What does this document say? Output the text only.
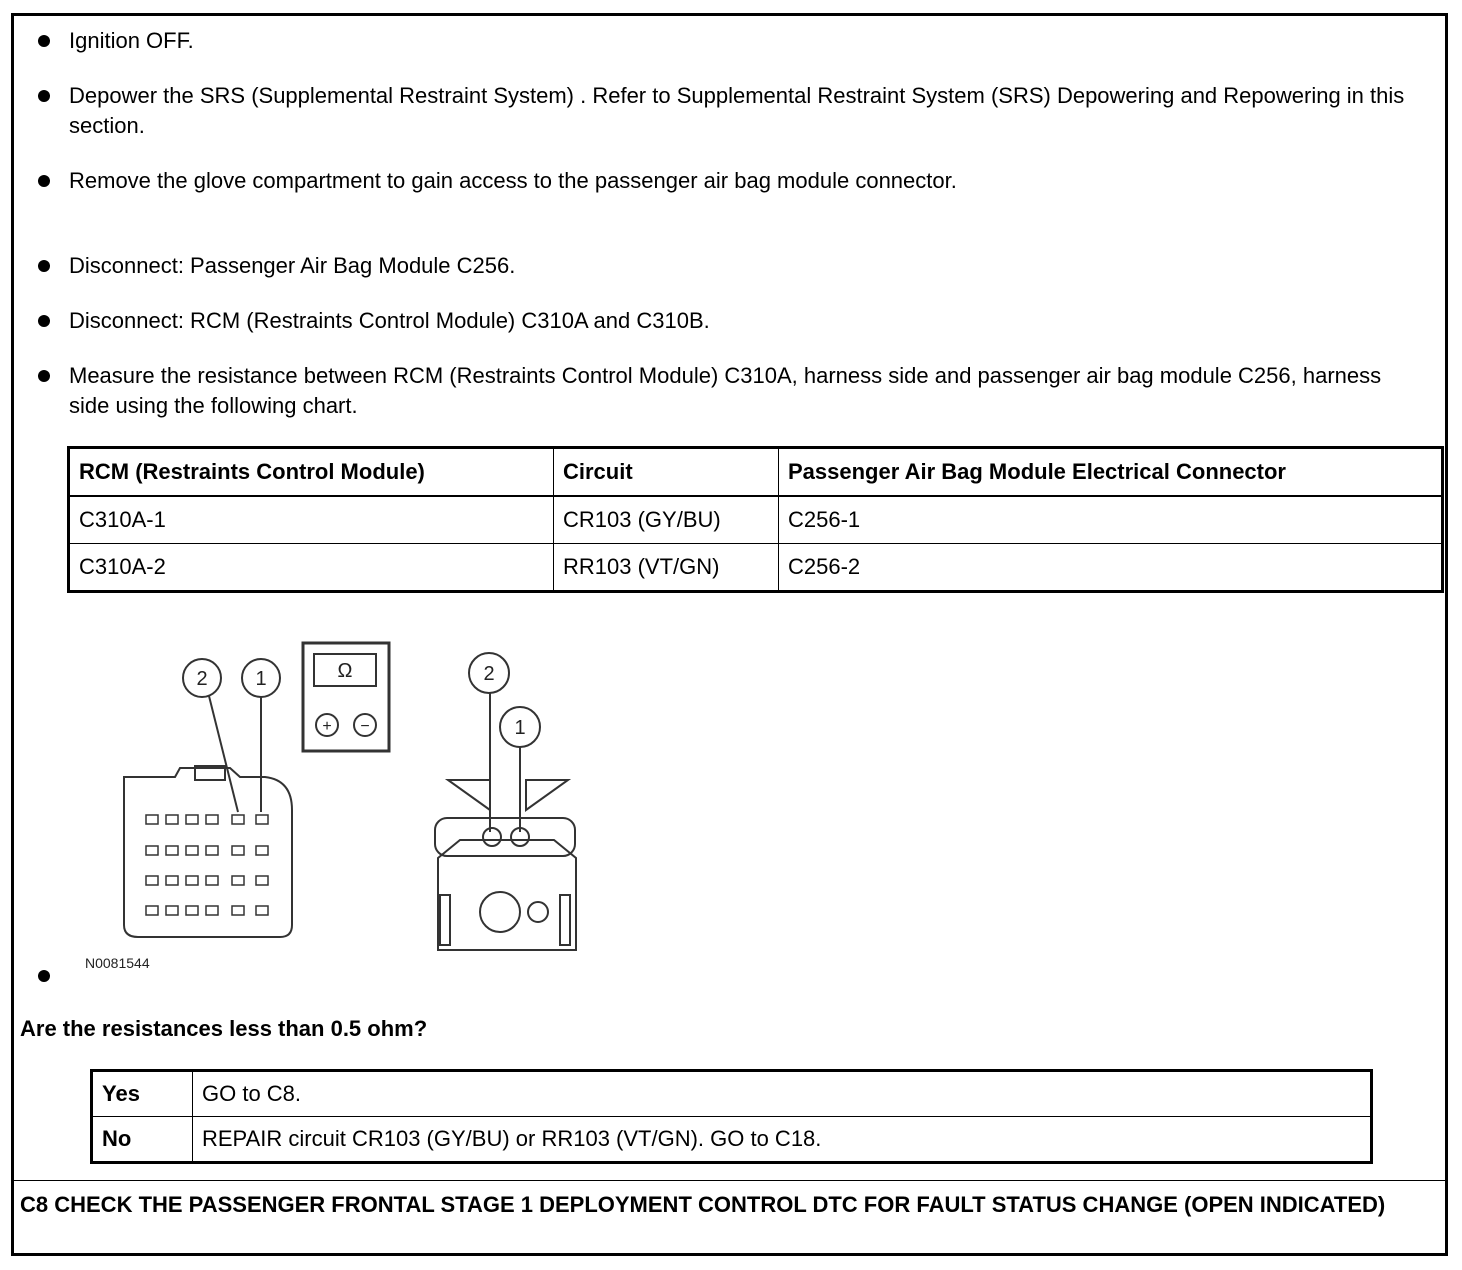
Ignition OFF.
Depower the SRS (Supplemental Restraint System) . Refer to Supplemental Restraint System (SRS) Depowering and Repowering in this section.
Remove the glove compartment to gain access to the passenger air bag module connector.
Disconnect: Passenger Air Bag Module C256.
Disconnect: RCM (Restraints Control Module) C310A and C310B.
Measure the resistance between RCM (Restraints Control Module) C310A, harness side and passenger air bag module C256, harness side using the following chart.
RCM (Restraints Control Module)	Circuit	Passenger Air Bag Module Electrical Connector
C310A-1	CR103 (GY/BU)	C256-1
C310A-2	RR103 (VT/GN)	C256-2
2 1	2
1
Ω
+ −
N0081544
Are the resistances less than 0.5 ohm?
Yes	GO to C8.
No	REPAIR circuit CR103 (GY/BU) or RR103 (VT/GN). GO to C18.
C8 CHECK THE PASSENGER FRONTAL STAGE 1 DEPLOYMENT CONTROL DTC FOR FAULT STATUS CHANGE (OPEN INDICATED)
